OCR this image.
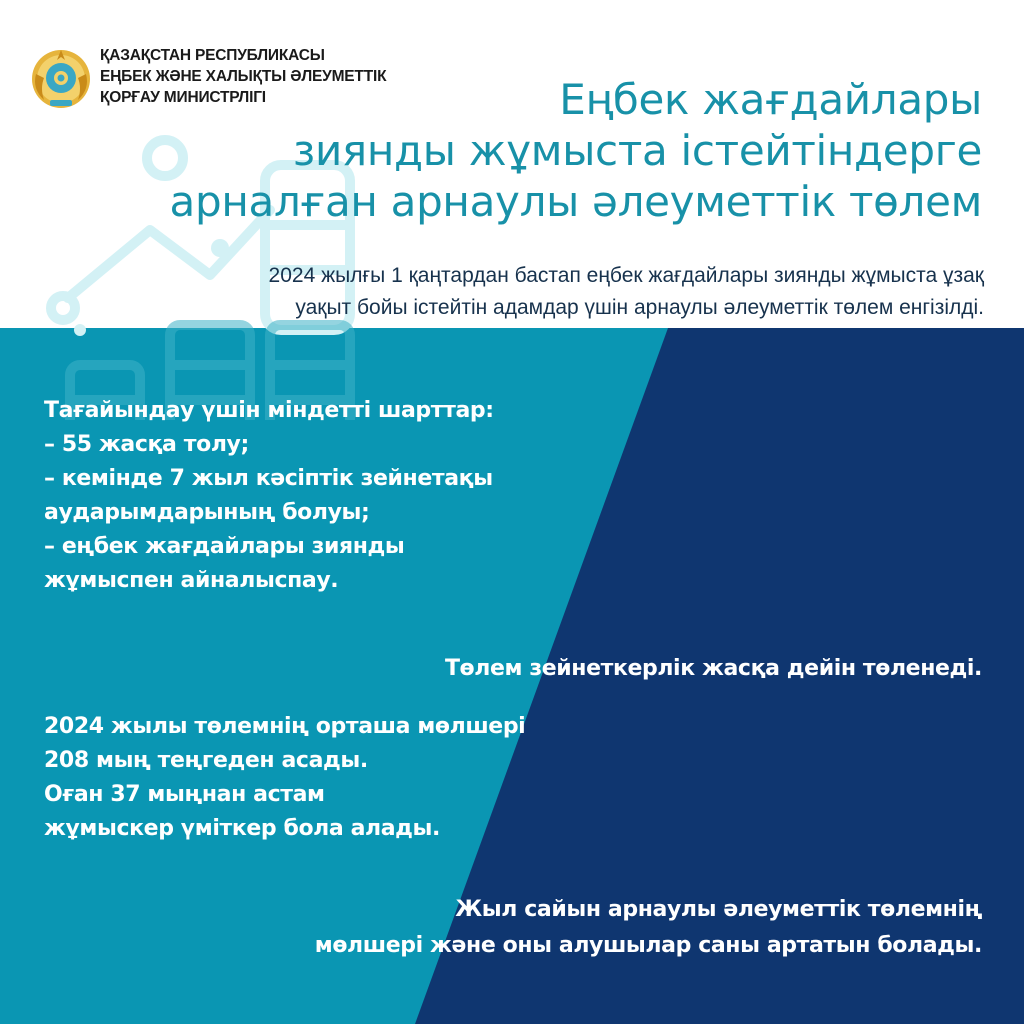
ҚАЗАҚСТАН РЕСПУБЛИКАСЫ
ЕҢБЕК ЖӘНЕ ХАЛЫҚТЫ ӘЛЕУМЕТТІК
ҚОРҒАУ МИНИСТРЛІГІ	Еңбек жағдайлары
зиянды жұмыста істейтіндерге
арналған арнаулы әлеуметтік төлем
2024 жылғы 1 қаңтардан бастап еңбек жағдайлары зиянды жұмыста ұзақ
уақыт бойы істейтін адамдар үшін арнаулы әлеуметтік төлем енгізілді.
Тағайындау үшін міндетті шарттар:
– 55 жасқа толу;
– кемінде 7 жыл кәсіптік зейнетақы
аударымдарының болуы;
– еңбек жағдайлары зиянды
жұмыспен айналыспау.
Төлем зейнеткерлік жасқа дейін төленеді.
2024 жылы төлемнің орташа мөлшері
208 мың теңгеден асады.
Оған 37 мыңнан астам
жұмыскер үміткер бола алады.
Жыл сайын арнаулы әлеуметтік төлемнің
мөлшері және оны алушылар саны артатын болады.
